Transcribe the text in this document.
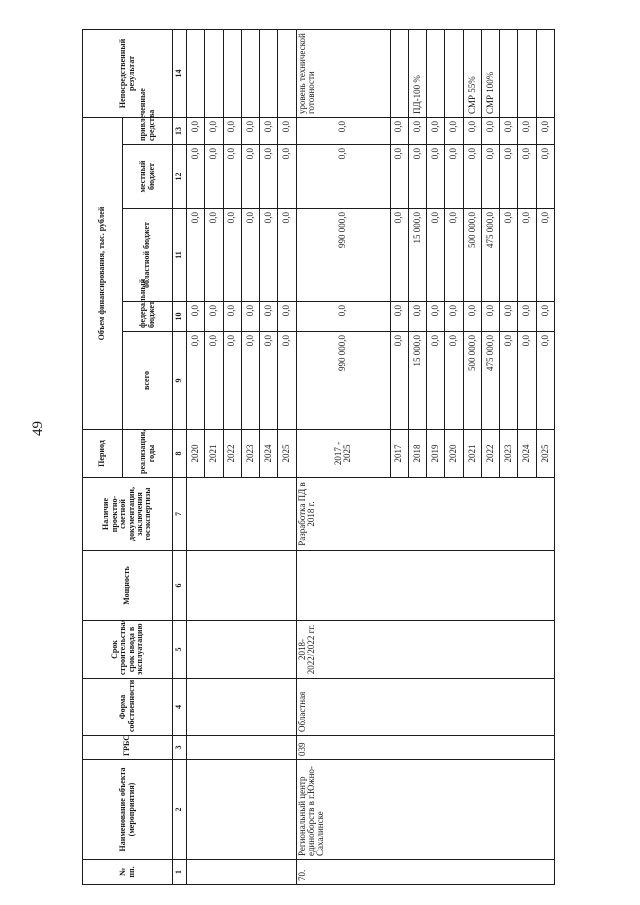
49
№ пп.	Наименование объекта (мероприятия)	ГРБС	Форма собственности	Срок строительства/срок ввода в эксплуатацию	Мощность	Наличие проектно-сметной документации, заключения госэкспертизы	Период	Объем финансирования, тыс. рублей					Непосредственный результат
							реализации, годы	всего	федеральный бюджет	областной бюджет	местный бюджет	привлеченные средства	
1	2	3	4	5	6	7	8	9	10	11	12	13	14
							2020	0,0	0,0	0,0	0,0	0,0	
							2021	0,0	0,0	0,0	0,0	0,0	
							2022	0,0	0,0	0,0	0,0	0,0	
							2023	0,0	0,0	0,0	0,0	0,0	
							2024	0,0	0,0	0,0	0,0	0,0	
							2025	0,0	0,0	0,0	0,0	0,0	
70.	Региональный центр единоборств в г.Южно-Сахалинске	039	Областная	2018-2022/2022 гг.		Разработка ПД в 2018 г.	2017 - 2025	990 000,0	0,0	990 000,0	0,0	0,0	уровень технической готовности
							2017	0,0	0,0	0,0	0,0	0,0	
							2018	15 000,0	0,0	15 000,0	0,0	0,0	ПД-100 %
							2019	0,0	0,0	0,0	0,0	0,0	
							2020	0,0	0,0	0,0	0,0	0,0	
							2021	500 000,0	0,0	500 000,0	0,0	0,0	СМР 55%
							2022	475 000,0	0,0	475 000,0	0,0	0,0	СМР 100%
							2023	0,0	0,0	0,0	0,0	0,0	
							2024	0,0	0,0	0,0	0,0	0,0	
							2025	0,0	0,0	0,0	0,0	0,0	
